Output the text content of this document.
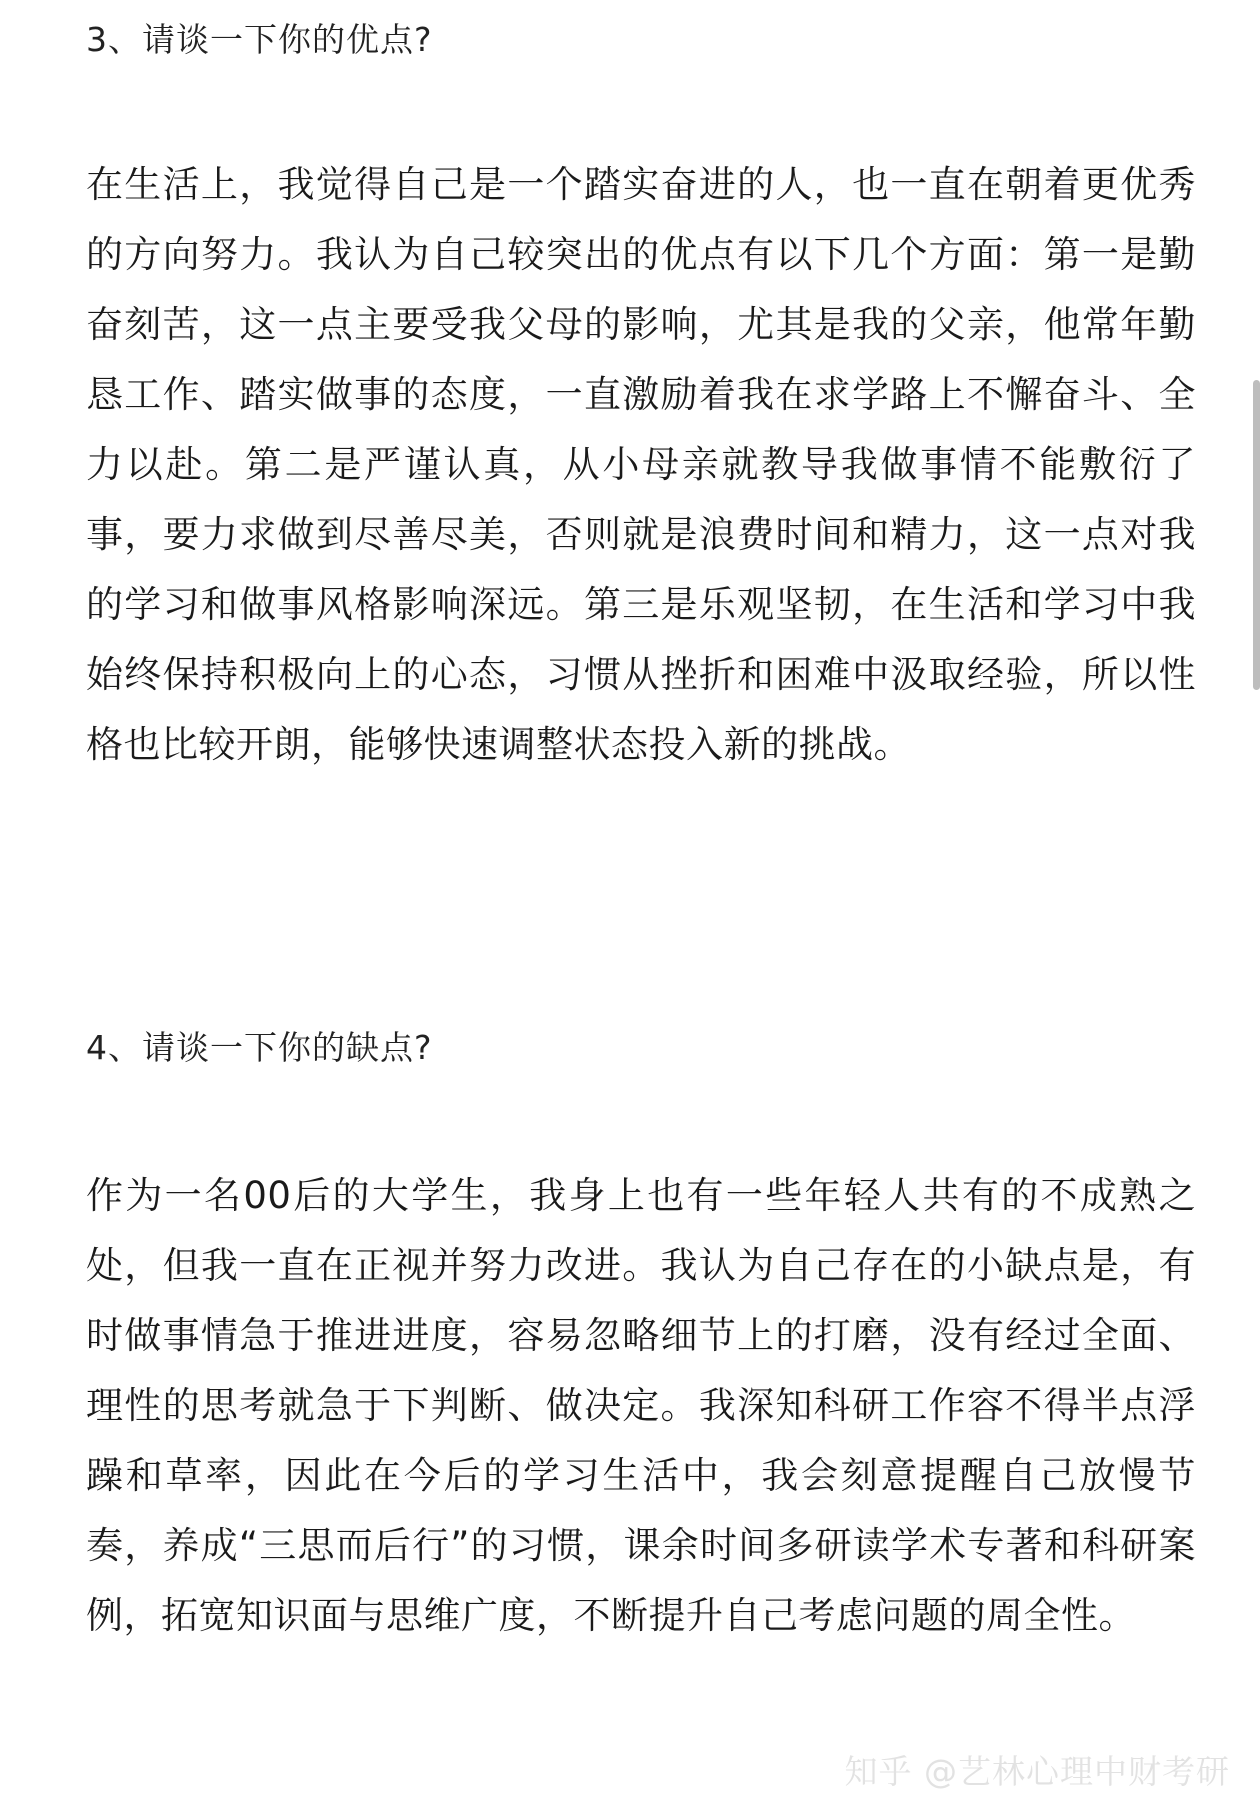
3、请谈一下你的优点?
在生活上，我觉得自己是一个踏实奋进的人，也一直在朝着更优秀的方向努力。我认为自己较突出的优点有以下几个方面：第一是勤奋刻苦，这一点主要受我父母的影响，尤其是我的父亲，他常年勤恳工作、踏实做事的态度，一直激励着我在求学路上不懈奋斗、全力以赴。第二是严谨认真，从小母亲就教导我做事情不能敷衍了事，要力求做到尽善尽美，否则就是浪费时间和精力，这一点对我的学习和做事风格影响深远。第三是乐观坚韧，在生活和学习中我始终保持积极向上的心态，习惯从挫折和困难中汲取经验，所以性格也比较开朗，能够快速调整状态投入新的挑战。
4、请谈一下你的缺点?
作为一名00后的大学生，我身上也有一些年轻人共有的不成熟之处，但我一直在正视并努力改进。我认为自己存在的小缺点是，有时做事情急于推进进度，容易忽略细节上的打磨，没有经过全面、理性的思考就急于下判断、做决定。我深知科研工作容不得半点浮躁和草率，因此在今后的学习生活中，我会刻意提醒自己放慢节奏，养成“三思而后行”的习惯，课余时间多研读学术专著和科研案例，拓宽知识面与思维广度，不断提升自己考虑问题的周全性。
知乎 @艺林心理中财考研
